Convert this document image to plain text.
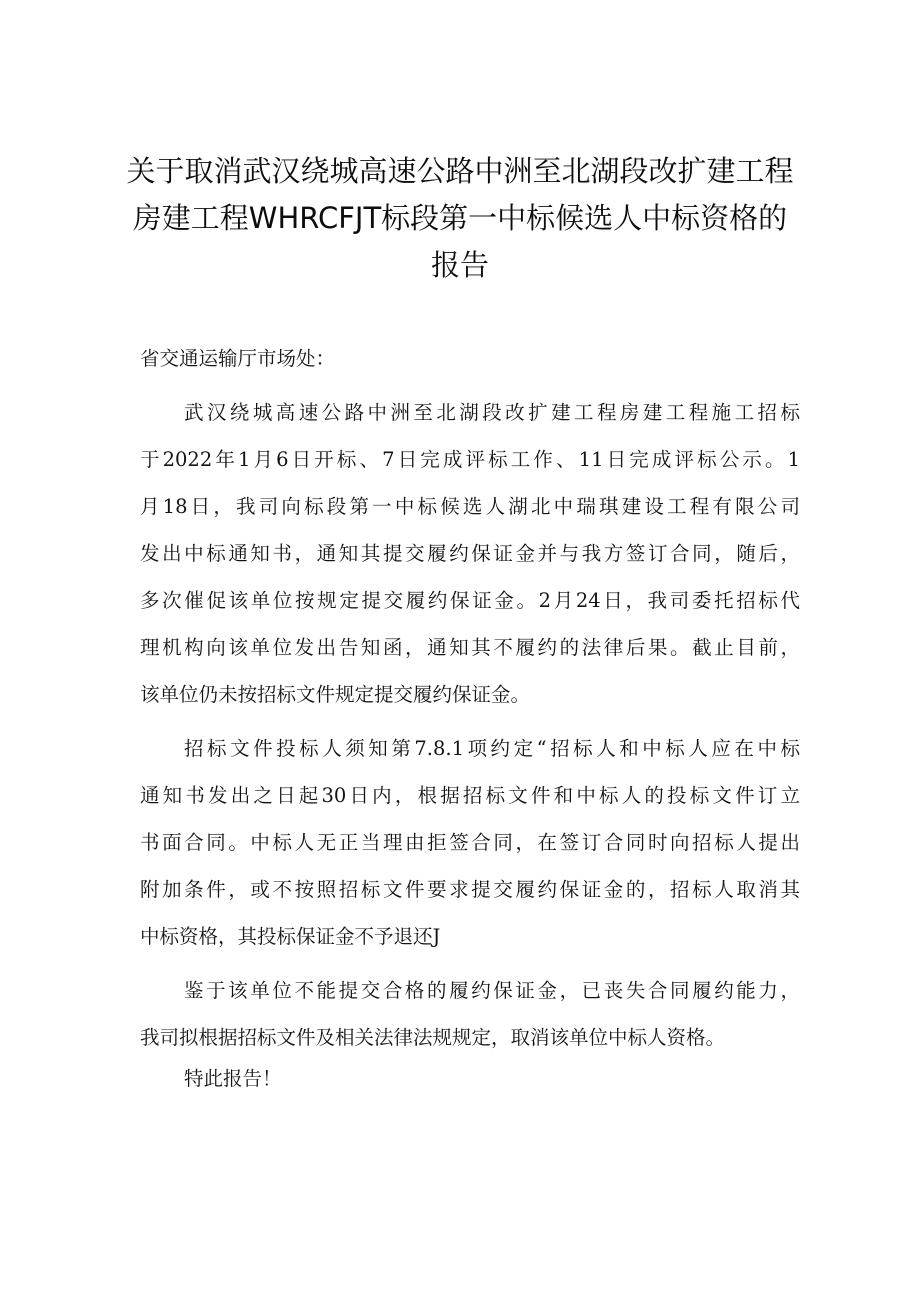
关于取消武汉绕城高速公路中洲至北湖段改扩建工程
房建工程WHRCFJT标段第一中标候选人中标资格的
报告
省交通运输厅市场处：
武汉绕城高速公路中洲至北湖段改扩建工程房建工程施工招标
于2022年1月6日开标、7日完成评标工作、11日完成评标公示。1
月18日，我司向标段第一中标候选人湖北中瑞琪建设工程有限公司
发出中标通知书，通知其提交履约保证金并与我方签订合同，随后，
多次催促该单位按规定提交履约保证金。2月24日，我司委托招标代
理机构向该单位发出告知函，通知其不履约的法律后果。截止目前，
该单位仍未按招标文件规定提交履约保证金。
招标文件投标人须知第7.8.1项约定“招标人和中标人应在中标
通知书发出之日起30日内，根据招标文件和中标人的投标文件订立
书面合同。中标人无正当理由拒签合同，在签订合同时向招标人提出
附加条件，或不按照招标文件要求提交履约保证金的，招标人取消其
中标资格，其投标保证金不予退还J
鉴于该单位不能提交合格的履约保证金，已丧失合同履约能力，
我司拟根据招标文件及相关法律法规规定，取消该单位中标人资格。
特此报告！
